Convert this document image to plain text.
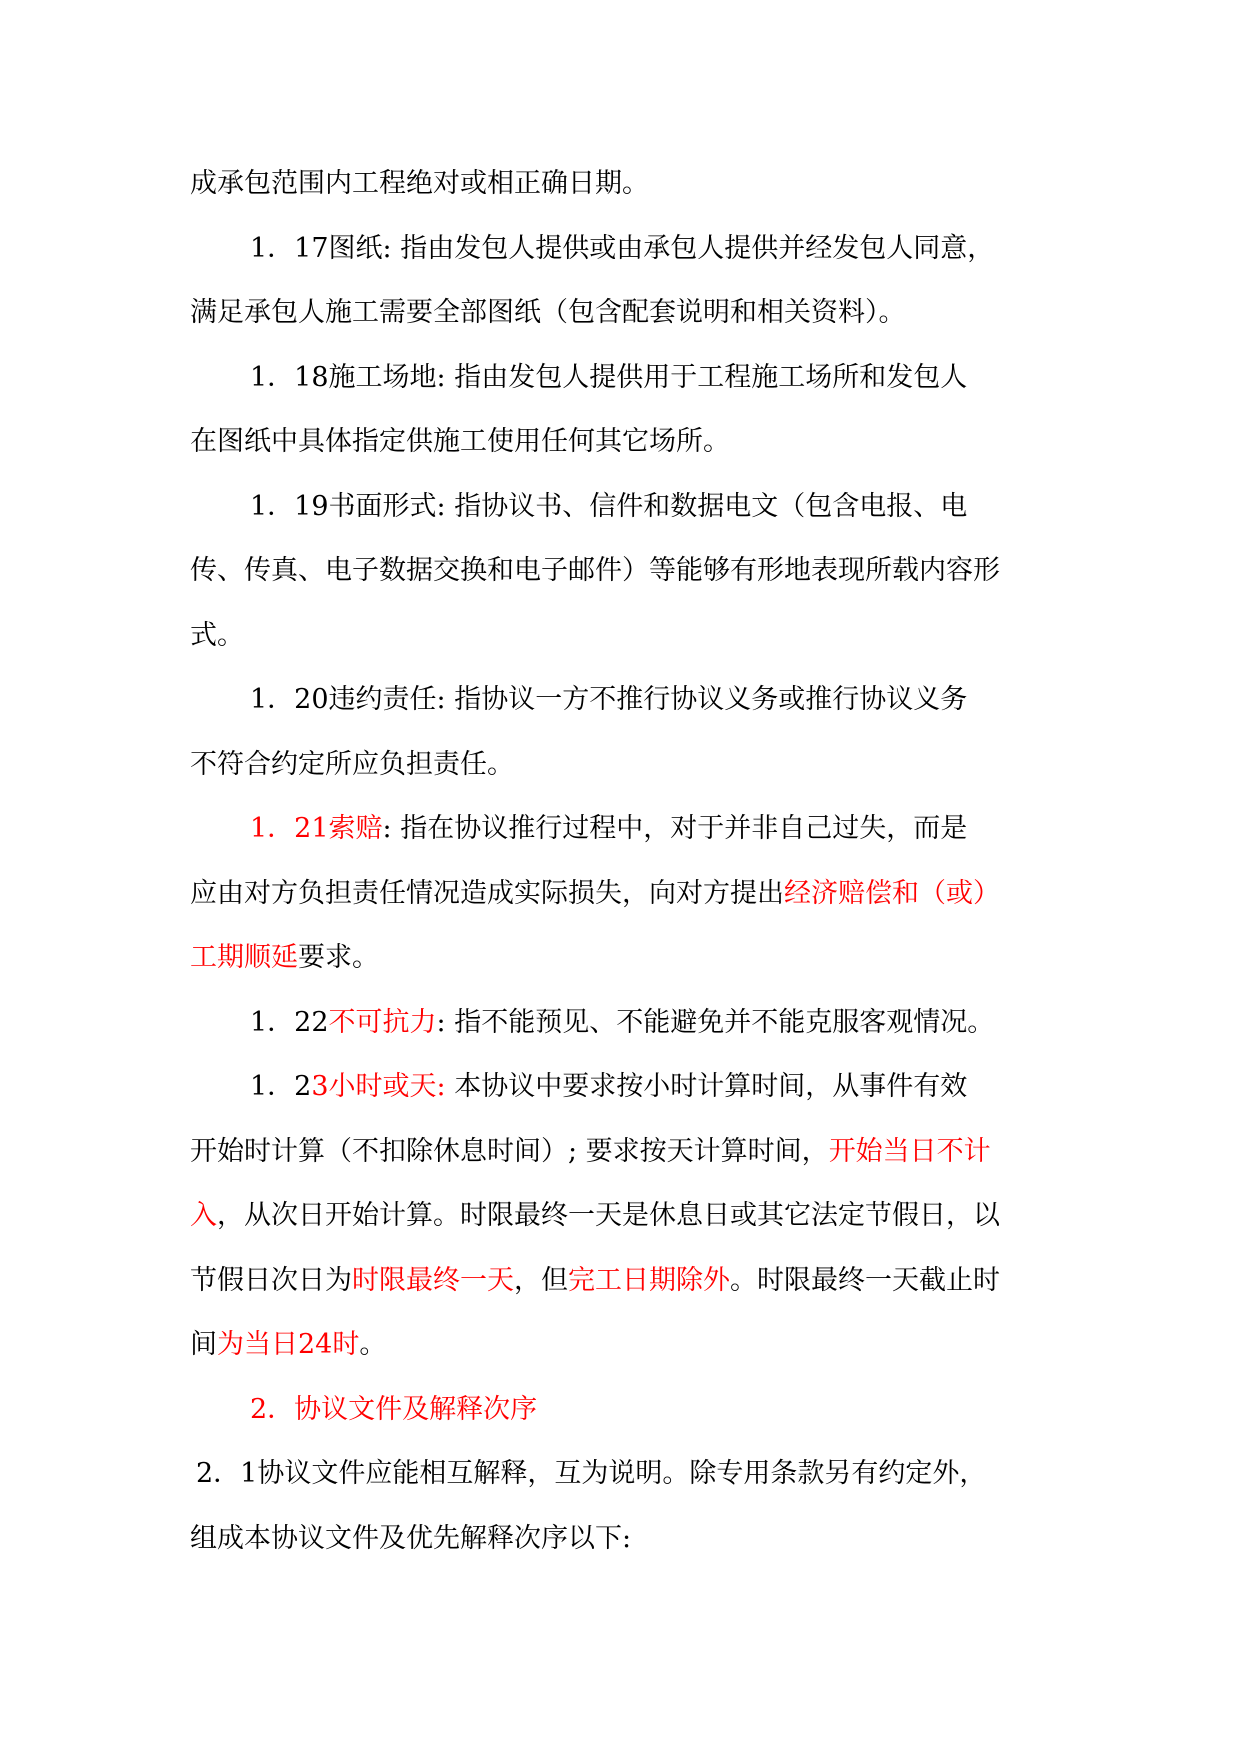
成承包范围内工程绝对或相正确日期。
1．17图纸: 指由发包人提供或由承包人提供并经发包人同意，
满足承包人施工需要全部图纸（包含配套说明和相关资料）。
1．18施工场地: 指由发包人提供用于工程施工场所和发包人
在图纸中具体指定供施工使用任何其它场所。
1．19书面形式: 指协议书、信件和数据电文（包含电报、电
传、传真、电子数据交换和电子邮件）等能够有形地表现所载内容形
式。
1．20违约责任: 指协议一方不推行协议义务或推行协议义务
不符合约定所应负担责任。
1．21索赔: 指在协议推行过程中，对于并非自己过失，而是
应由对方负担责任情况造成实际损失，向对方提出经济赔偿和（或）
工期顺延要求。
1．22不可抗力: 指不能预见、不能避免并不能克服客观情况。
1．23小时或天: 本协议中要求按小时计算时间，从事件有效
开始时计算（不扣除休息时间）; 要求按天计算时间，开始当日不计
入，从次日开始计算。时限最终一天是休息日或其它法定节假日，以
节假日次日为时限最终一天，但完工日期除外。时限最终一天截止时
间为当日24时。
2．协议文件及解释次序
2．1协议文件应能相互解释，互为说明。除专用条款另有约定外，
组成本协议文件及优先解释次序以下:
